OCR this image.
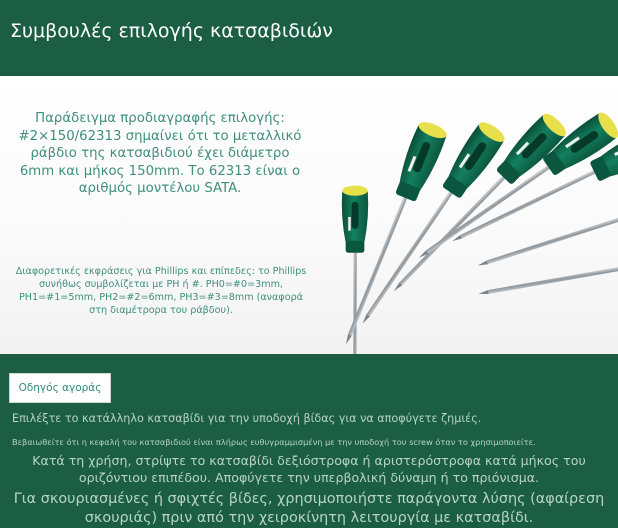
Συμβουλές επιλογής κατσαβιδιών

Παράδειγμα προδιαγραφής επιλογής: #2×150/62313 σημαίνει ότι το μεταλλικό ράβδιο της κατσαβιδιού έχει διάμετρο 6mm και μήκος 150mm. Το 62313 είναι ο αριθμός μοντέλου SATA.

Διαφορετικές εκφράσεις για Phillips και επίπεδες: το Phillips συνήθως συμβολίζεται με PH ή #. PH0=#0=3mm, PH1=#1=5mm, PH2=#2=6mm, PH3=#3=8mm (αναφορά στη διαμέτρορα του ράβδου).

Οδηγός αγοράς

Επιλέξτε το κατάλληλο κατσαβίδι για την υποδοχή βίδας για να αποφύγετε ζημιές.

Βεβαιωθείτε ότι η κεφαλή του κατσαβιδιού είναι πλήρως ευθυγραμμισμένη με την υποδοχή του screw όταν το χρησιμοποιείτε.

Κατά τη χρήση, στρίψτε το κατσαβίδι δεξιόστροφα ή αριστερόστροφα κατά μήκος του οριζόντιου επιπέδου. Αποφύγετε την υπερβολική δύναμη ή το πριόνισμα.

Για σκουριασμένες ή σφιχτές βίδες, χρησιμοποιήστε παράγοντα λύσης (αφαίρεση σκουριάς) πριν από την χειροκίνητη λειτουργία με κατσαβίδι.
